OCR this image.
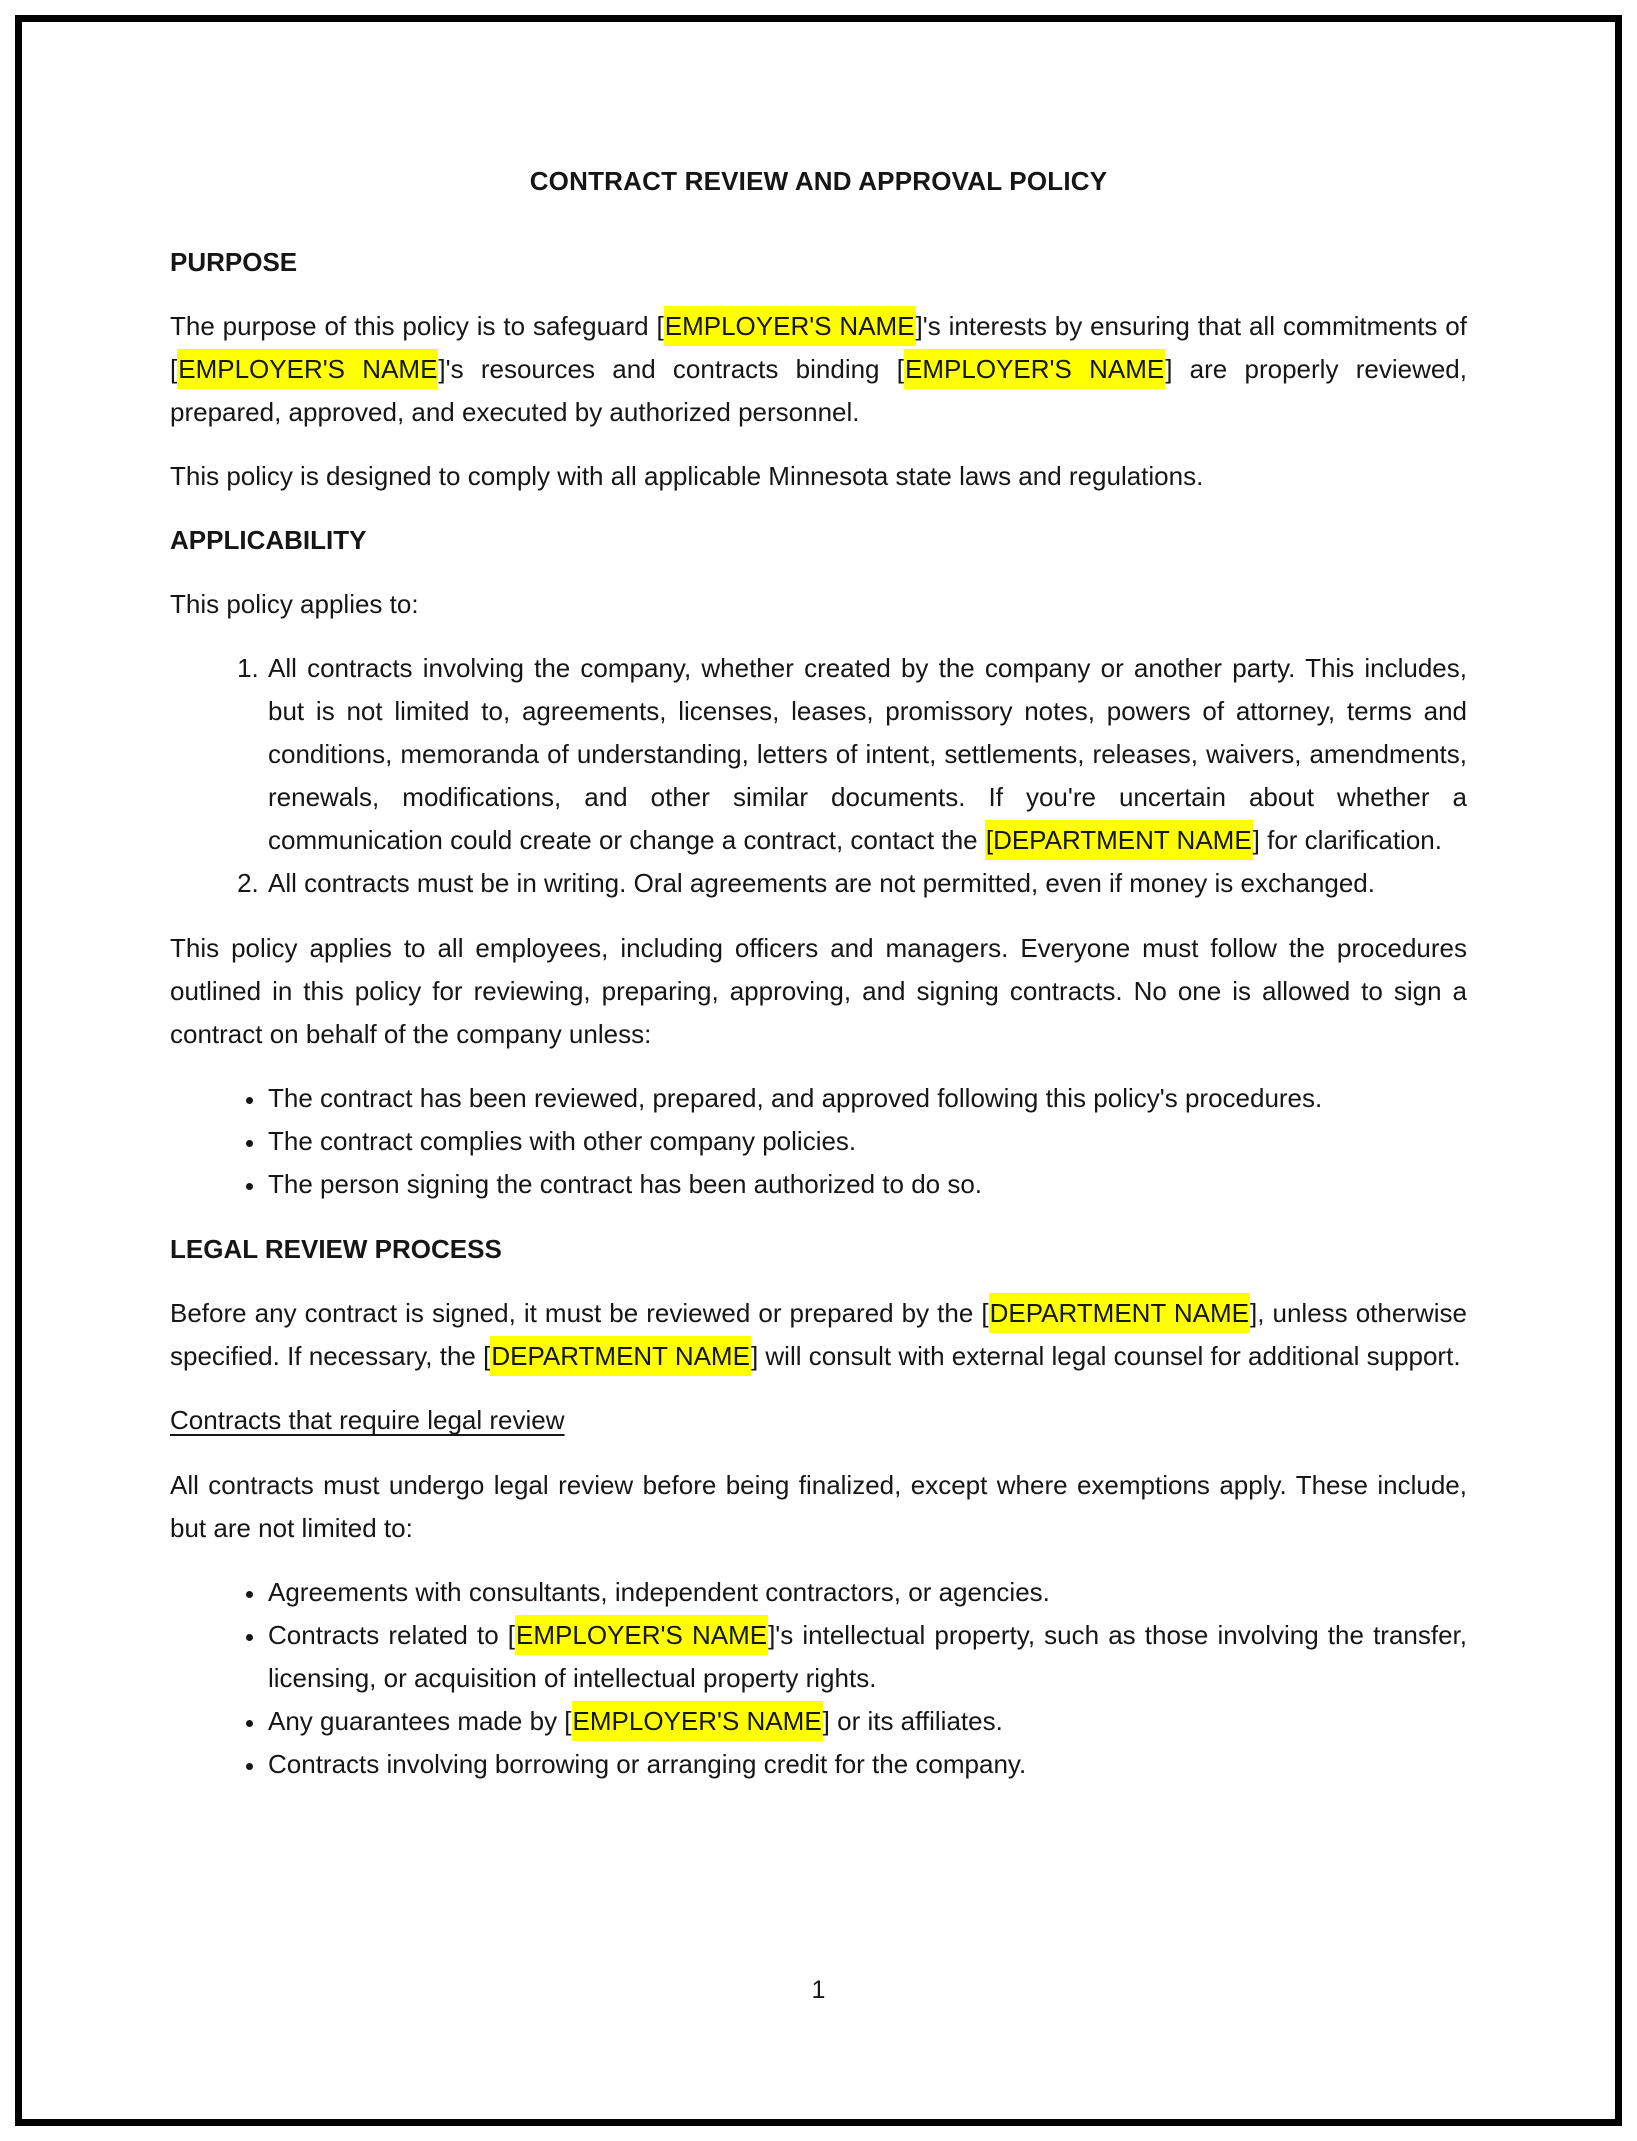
CONTRACT REVIEW AND APPROVAL POLICY
PURPOSE

The purpose of this policy is to safeguard [EMPLOYER'S NAME]'s interests by ensuring that all commitments of [EMPLOYER'S NAME]'s resources and contracts binding [EMPLOYER'S NAME] are properly reviewed, prepared, approved, and executed by authorized personnel.

This policy is designed to comply with all applicable Minnesota state laws and regulations.

APPLICABILITY

This policy applies to:

1. All contracts involving the company, whether created by the company or another party. This includes, but is not limited to, agreements, licenses, leases, promissory notes, powers of attorney, terms and conditions, memoranda of understanding, letters of intent, settlements, releases, waivers, amendments, renewals, modifications, and other similar documents. If you're uncertain about whether a communication could create or change a contract, contact the [DEPARTMENT NAME] for clarification.
2. All contracts must be in writing. Oral agreements are not permitted, even if money is exchanged.

This policy applies to all employees, including officers and managers. Everyone must follow the procedures outlined in this policy for reviewing, preparing, approving, and signing contracts. No one is allowed to sign a contract on behalf of the company unless:

• The contract has been reviewed, prepared, and approved following this policy's procedures.
• The contract complies with other company policies.
• The person signing the contract has been authorized to do so.
LEGAL REVIEW PROCESS

Before any contract is signed, it must be reviewed or prepared by the [DEPARTMENT NAME], unless otherwise specified. If necessary, the [DEPARTMENT NAME] will consult with external legal counsel for additional support.

Contracts that require legal review

All contracts must undergo legal review before being finalized, except where exemptions apply. These include, but are not limited to:

• Agreements with consultants, independent contractors, or agencies.
• Contracts related to [EMPLOYER'S NAME]'s intellectual property, such as those involving the transfer, licensing, or acquisition of intellectual property rights.
• Any guarantees made by [EMPLOYER'S NAME] or its affiliates.
• Contracts involving borrowing or arranging credit for the company.
1
